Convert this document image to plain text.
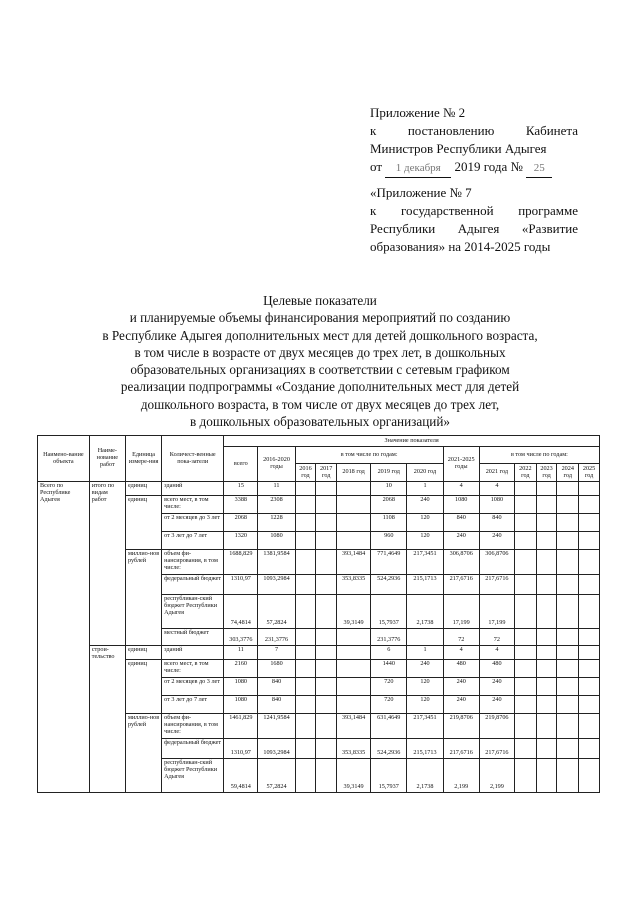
Приложение № 2
к постановлению Кабинета
Министров Республики Адыгея
от 1 декабря 2019 года № 25
«Приложение № 7
к государственной программе
Республики Адыгея «Развитие
образования» на 2014-2025 годы
Целевые показатели
и планируемые объемы финансирования мероприятий по созданию
в Республике Адыгея дополнительных мест для детей дошкольного возраста,
в том числе в возрасте от двух месяцев до трех лет, в дошкольных
образовательных организациях в соответствии с сетевым графиком
реализации подпрограммы «Создание дополнительных мест для детей
дошкольного возраста, в том числе от двух месяцев до трех лет,
в дошкольных образовательных организаций»
Наимено-вание объекта	Наиме-нование работ	Единица измере-ния	Количест-венные пока-затели	Значение показателя												
				всего	2016-2020 годы	в том числе по годам:					2021-2025 годы	в том числе по годам:				
						2016 год	2017 год	2018 год	2019 год	2020 год		2021 год	2022 год	2023 год	2024 год	2025 год
Всего по Республике Адыгея	итого по видам работ	единиц	зданий	15	11				10	1	4	4				
		единиц	всего мест, в том числе:	3388	2308				2068	240	1080	1080				
			от 2 месяцев до 3 лет	2068	1228				1108	120	840	840				
			от 3 лет до 7 лет	1320	1080				960	120	240	240				
		миллио-нов рублей	объем фи-нансирования, в том числе:	1688,829	1381,9584			393,1484	771,4649	217,3451	306,8706	306,8706				
			федеральный бюджет	1310,97	1093,2984			353,8335	524,2936	215,1713	217,6716	217,6716				
			республикан-ский бюджет Республики Адыгея	74,4814	57,2824			39,3149	15,7937	2,1738	17,199	17,199				
			местный бюджет	303,3776	231,3776				231,3776		72	72				
	строи-тельство	единиц	зданий	11	7				6	1	4	4				
		единиц	всего мест, в том числе:	2160	1680				1440	240	480	480				
			от 2 месяцев до 3 лет	1080	840				720	120	240	240				
			от 3 лет до 7 лет	1080	840				720	120	240	240				
		миллио-нов рублей	объем фи-нансирования, в том числе:	1461,829	1241,9584			393,1484	631,4649	217,3451	219,8706	219,8706				
			федеральный бюджет	1310,97	1093,2984			353,8335	524,2936	215,1713	217,6716	217,6716				
			республикан-ский бюджет Республики Адыгея	59,4814	57,2824			39,3149	15,7937	2,1738	2,199	2,199				
